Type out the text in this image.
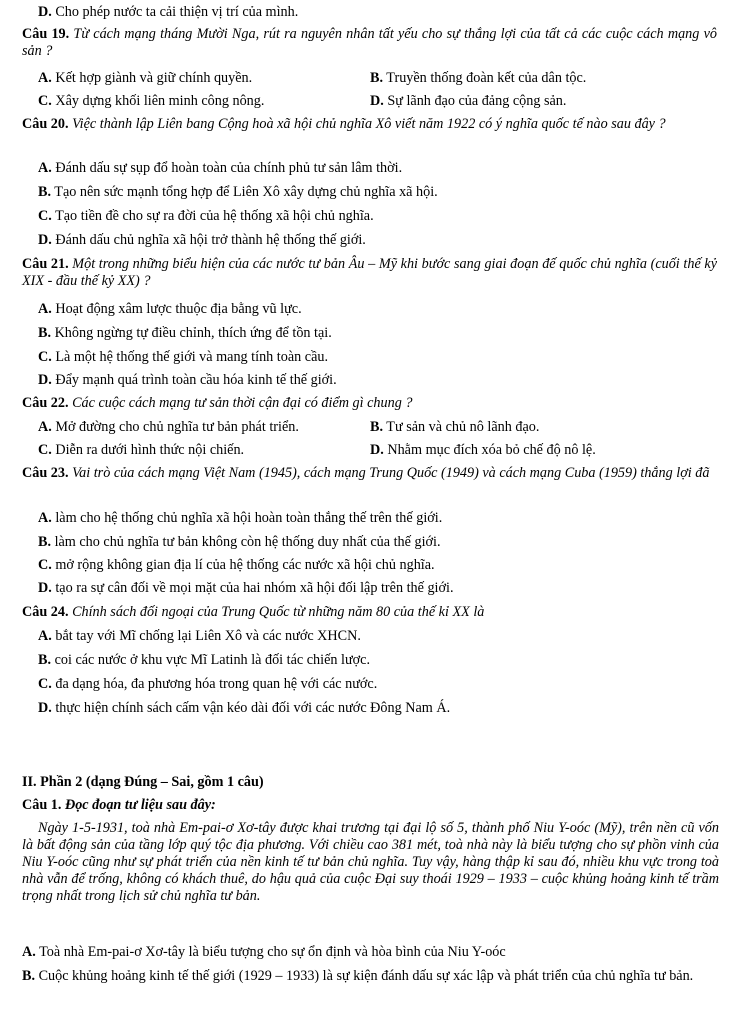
D. Cho phép nước ta cải thiện vị trí của mình.
Câu 19. Từ cách mạng tháng Mười Nga, rút ra nguyên nhân tất yếu cho sự thắng lợi của tất cả các cuộc cách mạng vô sản ?
A. Kết hợp giành và giữ chính quyền.	B. Truyền thống đoàn kết của dân tộc.
C. Xây dựng khối liên minh công nông.	D. Sự lãnh đạo của đảng cộng sản.
Câu 20. Việc thành lập Liên bang Cộng hoà xã hội chủ nghĩa Xô viết năm 1922 có ý nghĩa quốc tế nào sau đây ?
A. Đánh dấu sự sụp đổ hoàn toàn của chính phủ tư sản lâm thời.
B. Tạo nên sức mạnh tổng hợp để Liên Xô xây dựng chủ nghĩa xã hội.
C. Tạo tiền đề cho sự ra đời của hệ thống xã hội chủ nghĩa.
D. Đánh dấu chủ nghĩa xã hội trở thành hệ thống thế giới.
Câu 21. Một trong những biểu hiện của các nước tư bản Âu – Mỹ khi bước sang giai đoạn đế quốc chủ nghĩa (cuối thế kỷ XIX - đầu thế kỷ XX) ?
A. Hoạt động xâm lược thuộc địa bằng vũ lực.
B. Không ngừng tự điều chỉnh, thích ứng để tồn tại.
C. Là một hệ thống thế giới và mang tính toàn cầu.
D. Đẩy mạnh quá trình toàn cầu hóa kinh tế thế giới.
Câu 22. Các cuộc cách mạng tư sản thời cận đại có điểm gì chung ?
A. Mở đường cho chủ nghĩa tư bản phát triển.	B. Tư sản và chủ nô lãnh đạo.
C. Diễn ra dưới hình thức nội chiến.	D. Nhằm mục đích xóa bỏ chế độ nô lệ.
Câu 23. Vai trò của cách mạng Việt Nam (1945), cách mạng Trung Quốc (1949) và cách mạng Cuba (1959) thắng lợi đã
A. làm cho hệ thống chủ nghĩa xã hội hoàn toàn thắng thế trên thế giới.
B. làm cho chủ nghĩa tư bản không còn hệ thống duy nhất của thế giới.
C. mở rộng không gian địa lí của hệ thống các nước xã hội chủ nghĩa.
D. tạo ra sự cân đối về mọi mặt của hai nhóm xã hội đối lập trên thế giới.
Câu 24. Chính sách đối ngoại của Trung Quốc từ những năm 80 của thế kỉ XX là
A. bắt tay với Mĩ chống lại Liên Xô và các nước XHCN.
B. coi các nước ở khu vực Mĩ Latinh là đối tác chiến lược.
C. đa dạng hóa, đa phương hóa trong quan hệ với các nước.
D. thực hiện chính sách cấm vận kéo dài đối với các nước Đông Nam Á.
II. Phần 2 (dạng Đúng – Sai, gồm 1 câu)
Câu 1. Đọc đoạn tư liệu sau đây:
Ngày 1-5-1931, toà nhà Em-pai-ơ Xơ-tây được khai trương tại đại lộ số 5, thành phố Niu Y-oóc (Mỹ), trên nền cũ vốn là bất động sản của tầng lớp quý tộc địa phương. Với chiều cao 381 mét, toà nhà này là biểu tượng cho sự phồn vinh của Niu Y-oóc cũng như sự phát triển của nền kinh tế tư bản chủ nghĩa. Tuy vậy, hàng thập kỉ sau đó, nhiều khu vực trong toà nhà vẫn để trống, không có khách thuê, do hậu quả của cuộc Đại suy thoái 1929 – 1933 – cuộc khủng hoảng kinh tế trầm trọng nhất trong lịch sử chủ nghĩa tư bản.
A. Toà nhà Em-pai-ơ Xơ-tây là biểu tượng cho sự ổn định và hòa bình của Niu Y-oóc
B. Cuộc khủng hoảng kinh tế thế giới (1929 – 1933) là sự kiện đánh dấu sự xác lập và phát triển của chủ nghĩa tư bản.
